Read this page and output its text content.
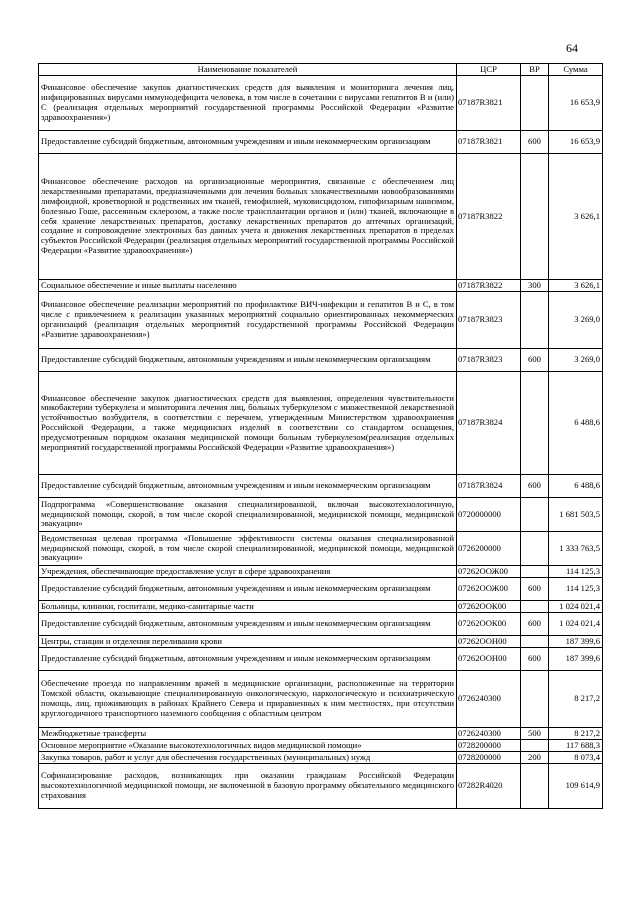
64
Наименование показателей	ЦСР	ВР	Сумма
Финансовое обеспечение закупок диагностических средств для выявления и мониторинга лечения лиц, инфицированных вирусами иммунодефицита человека, в том числе в сочетании с вирусами гепатитов В и (или) С (реализация отдельных мероприятий государственной программы Российской Федерации «Развитие здравоохранения»)	07187R3821		16 653,9
Предоставление субсидий бюджетным, автономным учреждениям и иным некоммерческим организациям	07187R3821	600	16 653,9
Финансовое обеспечение расходов на организационные мероприятия, связанные с обеспечением лиц лекарственными препаратами, предназначенными для лечения больных злокачественными новообразованиями лимфоидной, кроветворной и родственных им тканей, гемофилией, муковисцидозом, гипофизарным нанизмом, болезнью Гоше, рассеянным склерозом, а также после трансплантации органов и (или) тканей, включающие в себя хранение лекарственных препаратов, доставку лекарственных препаратов до аптечных организаций, создание и сопровождение электронных баз данных учета и движения лекарственных препаратов в пределах субъектов Российской Федерации (реализация отдельных мероприятий государственной программы Российской Федерации «Развитие здравоохранения»)	07187R3822		3 626,1
Социальное обеспечение и иные выплаты населению	07187R3822	300	3 626,1
Финансовое обеспечение реализации мероприятий по профилактике ВИЧ-инфекции и гепатитов В и С, в том числе с привлечением к реализации указанных мероприятий социально ориентированных некоммерческих организаций (реализация отдельных мероприятий государственной программы Российской Федерации «Развитие здравоохранения»)	07187R3823		3 269,0
Предоставление субсидий бюджетным, автономным учреждениям и иным некоммерческим организациям	07187R3823	600	3 269,0
Финансовое обеспечение закупок диагностических средств для выявления, определения чувствительности микобактерии туберкулеза и мониторинга лечения лиц, больных туберкулезом с множественной лекарственной устойчивостью возбудителя, в соответствии с перечнем, утвержденным Министерством здравоохранения Российской Федерации, а также медицинских изделий в соответствии со стандартом оснащения, предусмотренным порядком оказания медицинской помощи больным туберкулезом(реализация отдельных мероприятий государственной программы Российской Федерации «Развитие здравоохранения»)	07187R3824		6 488,6
Предоставление субсидий бюджетным, автономным учреждениям и иным некоммерческим организациям	07187R3824	600	6 488,6
Подпрограмма «Совершенствование оказания специализированной, включая высокотехнологичную, медицинской помощи, скорой, в том числе скорой специализированной, медицинской помощи, медицинской эвакуации»	0720000000		1 681 503,5
Ведомственная целевая программа «Повышение эффективности системы оказания специализированной медицинской помощи, скорой, в том числе скорой специализированной, медицинской помощи, медицинской эвакуации»	0726200000		1 333 763,5
Учреждения, обеспечивающие предоставление услуг в сфере здравоохранения	07262ООЖ00		114 125,3
Предоставление субсидий бюджетным, автономным учреждениям и иным некоммерческим организациям	07262ООЖ00	600	114 125,3
Больницы, клиники, госпитали, медико-санитарные части	07262ООК00		1 024 021,4
Предоставление субсидий бюджетным, автономным учреждениям и иным некоммерческим организациям	07262ООК00	600	1 024 021,4
Центры, станции и отделения переливания крови	07262ООН00		187 399,6
Предоставление субсидий бюджетным, автономным учреждениям и иным некоммерческим организациям	07262ООН00	600	187 399,6
Обеспечение проезда по направлениям врачей в медицинские организации, расположенные на территории Томской области, оказывающие специализированную онкологическую, наркологическую и психиатрическую помощь, лиц, проживающих в районах Крайнего Севера и приравненных к ним местностях, при отсутствии круглогодичного транспортного наземного сообщения с областным центром	0726240300		8 217,2
Межбюджетные трансферты	0726240300	500	8 217,2
Основное мероприятие «Оказание высокотехнологичных видов медицинской помощи»	0728200000		117 688,3
Закупка товаров, работ и услуг для обеспечения государственных (муниципальных) нужд	0728200000	200	8 073,4
Софинансирование расходов, возникающих при оказании гражданам Российской Федерации высокотехнологичной медицинской помощи, не включенной в базовую программу обязательного медицинского страхования	07282R4020		109 614,9
